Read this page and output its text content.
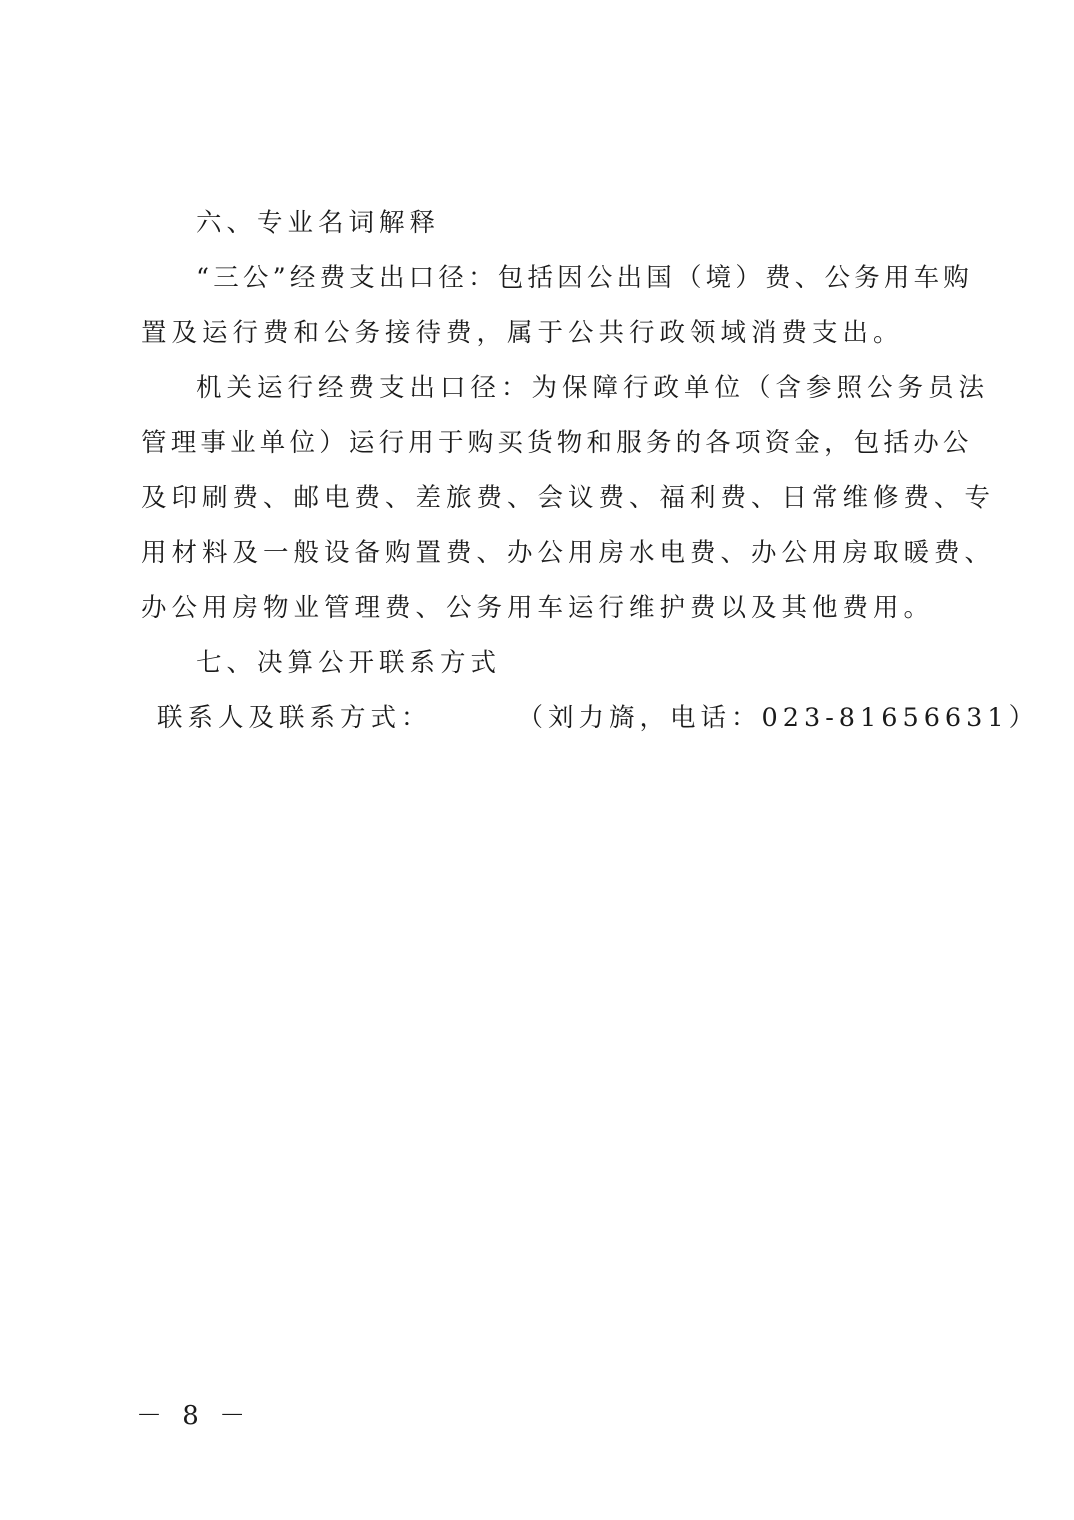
六、专业名词解释
“三公”经费支出口径：包括因公出国（境）费、公务用车购
置及运行费和公务接待费，属于公共行政领域消费支出。
机关运行经费支出口径：为保障行政单位（含参照公务员法
管理事业单位）运行用于购买货物和服务的各项资金，包括办公
及印刷费、邮电费、差旅费、会议费、福利费、日常维修费、专
用材料及一般设备购置费、办公用房水电费、办公用房取暖费、
办公用房物业管理费、公务用车运行维护费以及其他费用。
七、决算公开联系方式
联系人及联系方式：	（刘力旖，电话：023-81656631）
－ 8 －
